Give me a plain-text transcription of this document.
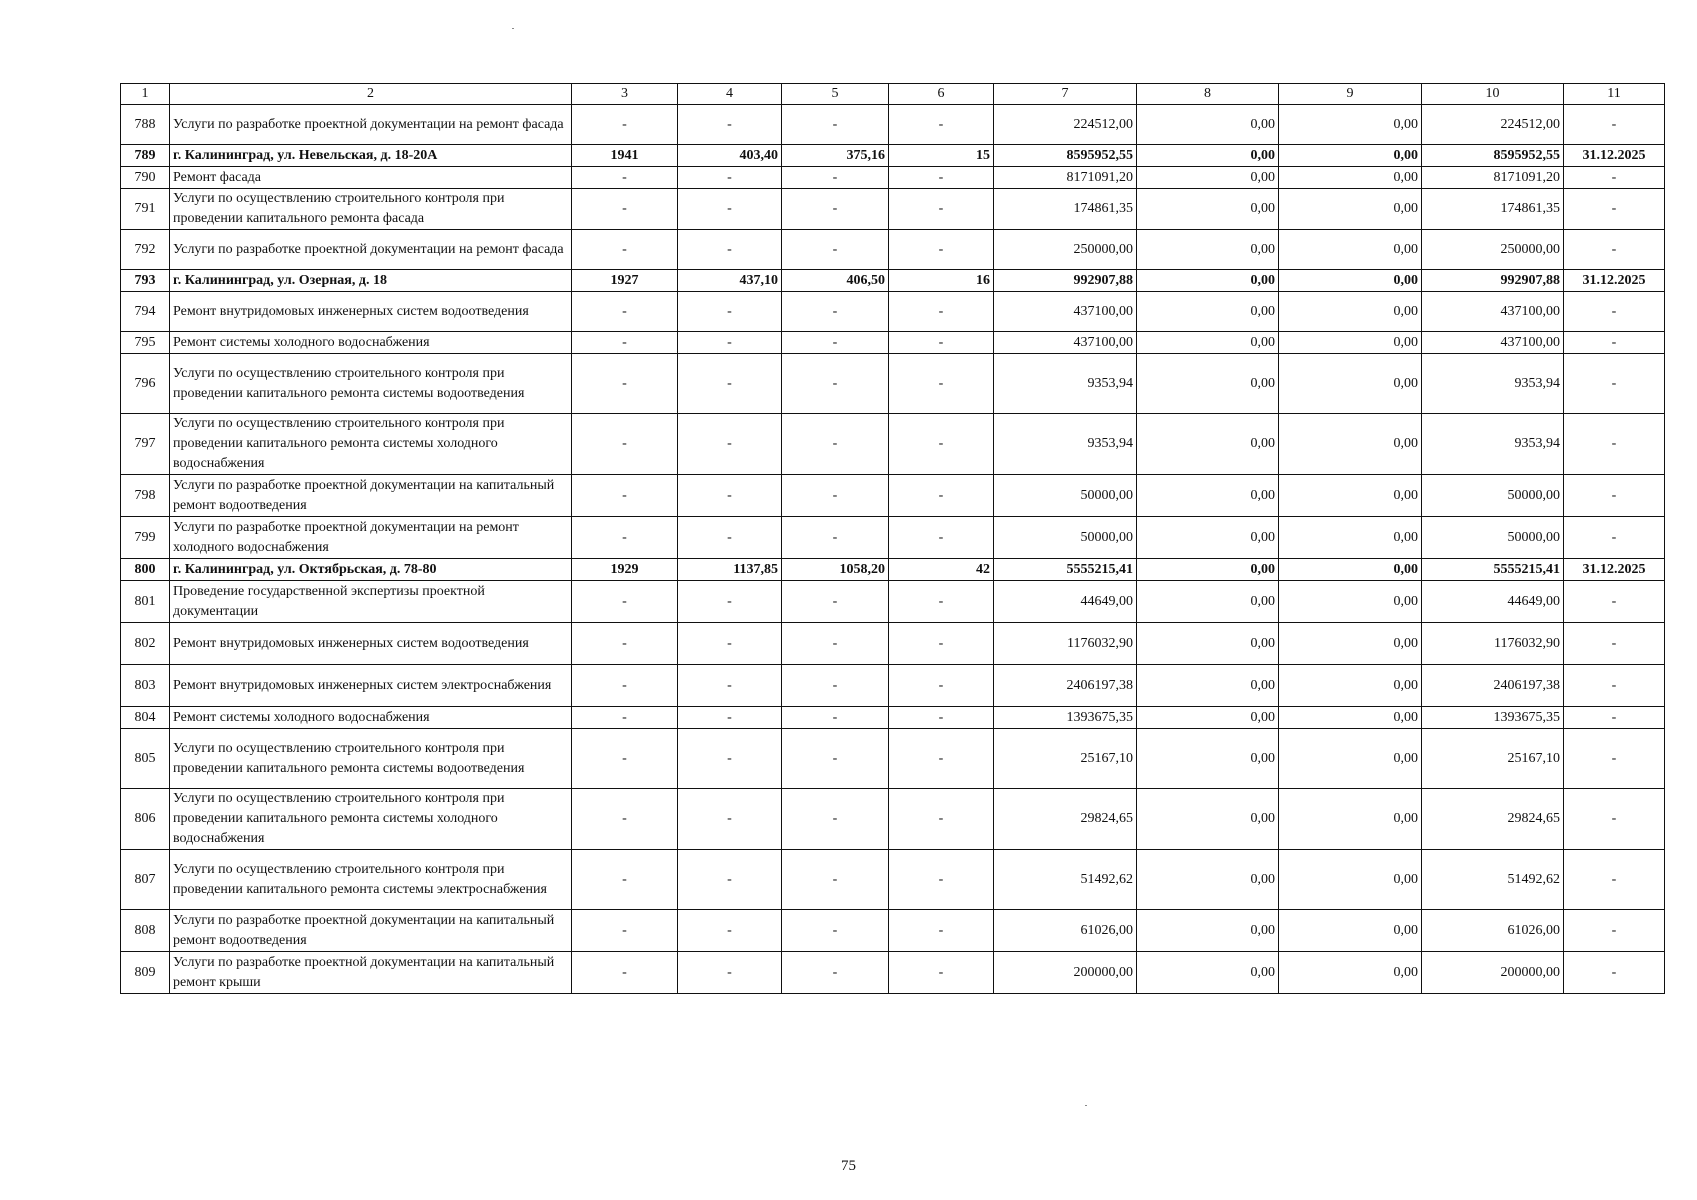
1	2	3	4	5	6	7	8	9	10	11
788	Услуги по разработке проектной документации на ремонт фасада	-	-	-	-	224512,00	0,00	0,00	224512,00	-
789	г. Калининград, ул. Невельская, д. 18-20А	1941	403,40	375,16	15	8595952,55	0,00	0,00	8595952,55	31.12.2025
790	Ремонт фасада	-	-	-	-	8171091,20	0,00	0,00	8171091,20	-
791	Услуги по осуществлению строительного контроля при проведении капитального ремонта фасада	-	-	-	-	174861,35	0,00	0,00	174861,35	-
792	Услуги по разработке проектной документации на ремонт фасада	-	-	-	-	250000,00	0,00	0,00	250000,00	-
793	г. Калининград, ул. Озерная, д. 18	1927	437,10	406,50	16	992907,88	0,00	0,00	992907,88	31.12.2025
794	Ремонт внутридомовых инженерных систем водоотведения	-	-	-	-	437100,00	0,00	0,00	437100,00	-
795	Ремонт системы холодного водоснабжения	-	-	-	-	437100,00	0,00	0,00	437100,00	-
796	Услуги по осуществлению строительного контроля при проведении капитального ремонта системы водоотведения	-	-	-	-	9353,94	0,00	0,00	9353,94	-
797	Услуги по осуществлению строительного контроля при проведении капитального ремонта системы холодного водоснабжения	-	-	-	-	9353,94	0,00	0,00	9353,94	-
798	Услуги по разработке проектной документации на капитальный ремонт водоотведения	-	-	-	-	50000,00	0,00	0,00	50000,00	-
799	Услуги по разработке проектной документации на ремонт холодного водоснабжения	-	-	-	-	50000,00	0,00	0,00	50000,00	-
800	г. Калининград, ул. Октябрьская, д. 78-80	1929	1137,85	1058,20	42	5555215,41	0,00	0,00	5555215,41	31.12.2025
801	Проведение государственной экспертизы проектной документации	-	-	-	-	44649,00	0,00	0,00	44649,00	-
802	Ремонт внутридомовых инженерных систем водоотведения	-	-	-	-	1176032,90	0,00	0,00	1176032,90	-
803	Ремонт внутридомовых инженерных систем электроснабжения	-	-	-	-	2406197,38	0,00	0,00	2406197,38	-
804	Ремонт системы холодного водоснабжения	-	-	-	-	1393675,35	0,00	0,00	1393675,35	-
805	Услуги по осуществлению строительного контроля при проведении капитального ремонта системы водоотведения	-	-	-	-	25167,10	0,00	0,00	25167,10	-
806	Услуги по осуществлению строительного контроля при проведении капитального ремонта системы холодного водоснабжения	-	-	-	-	29824,65	0,00	0,00	29824,65	-
807	Услуги по осуществлению строительного контроля при проведении капитального ремонта системы электроснабжения	-	-	-	-	51492,62	0,00	0,00	51492,62	-
808	Услуги по разработке проектной документации на капитальный ремонт водоотведения	-	-	-	-	61026,00	0,00	0,00	61026,00	-
809	Услуги по разработке проектной документации на капитальный ремонт крыши	-	-	-	-	200000,00	0,00	0,00	200000,00	-
75
